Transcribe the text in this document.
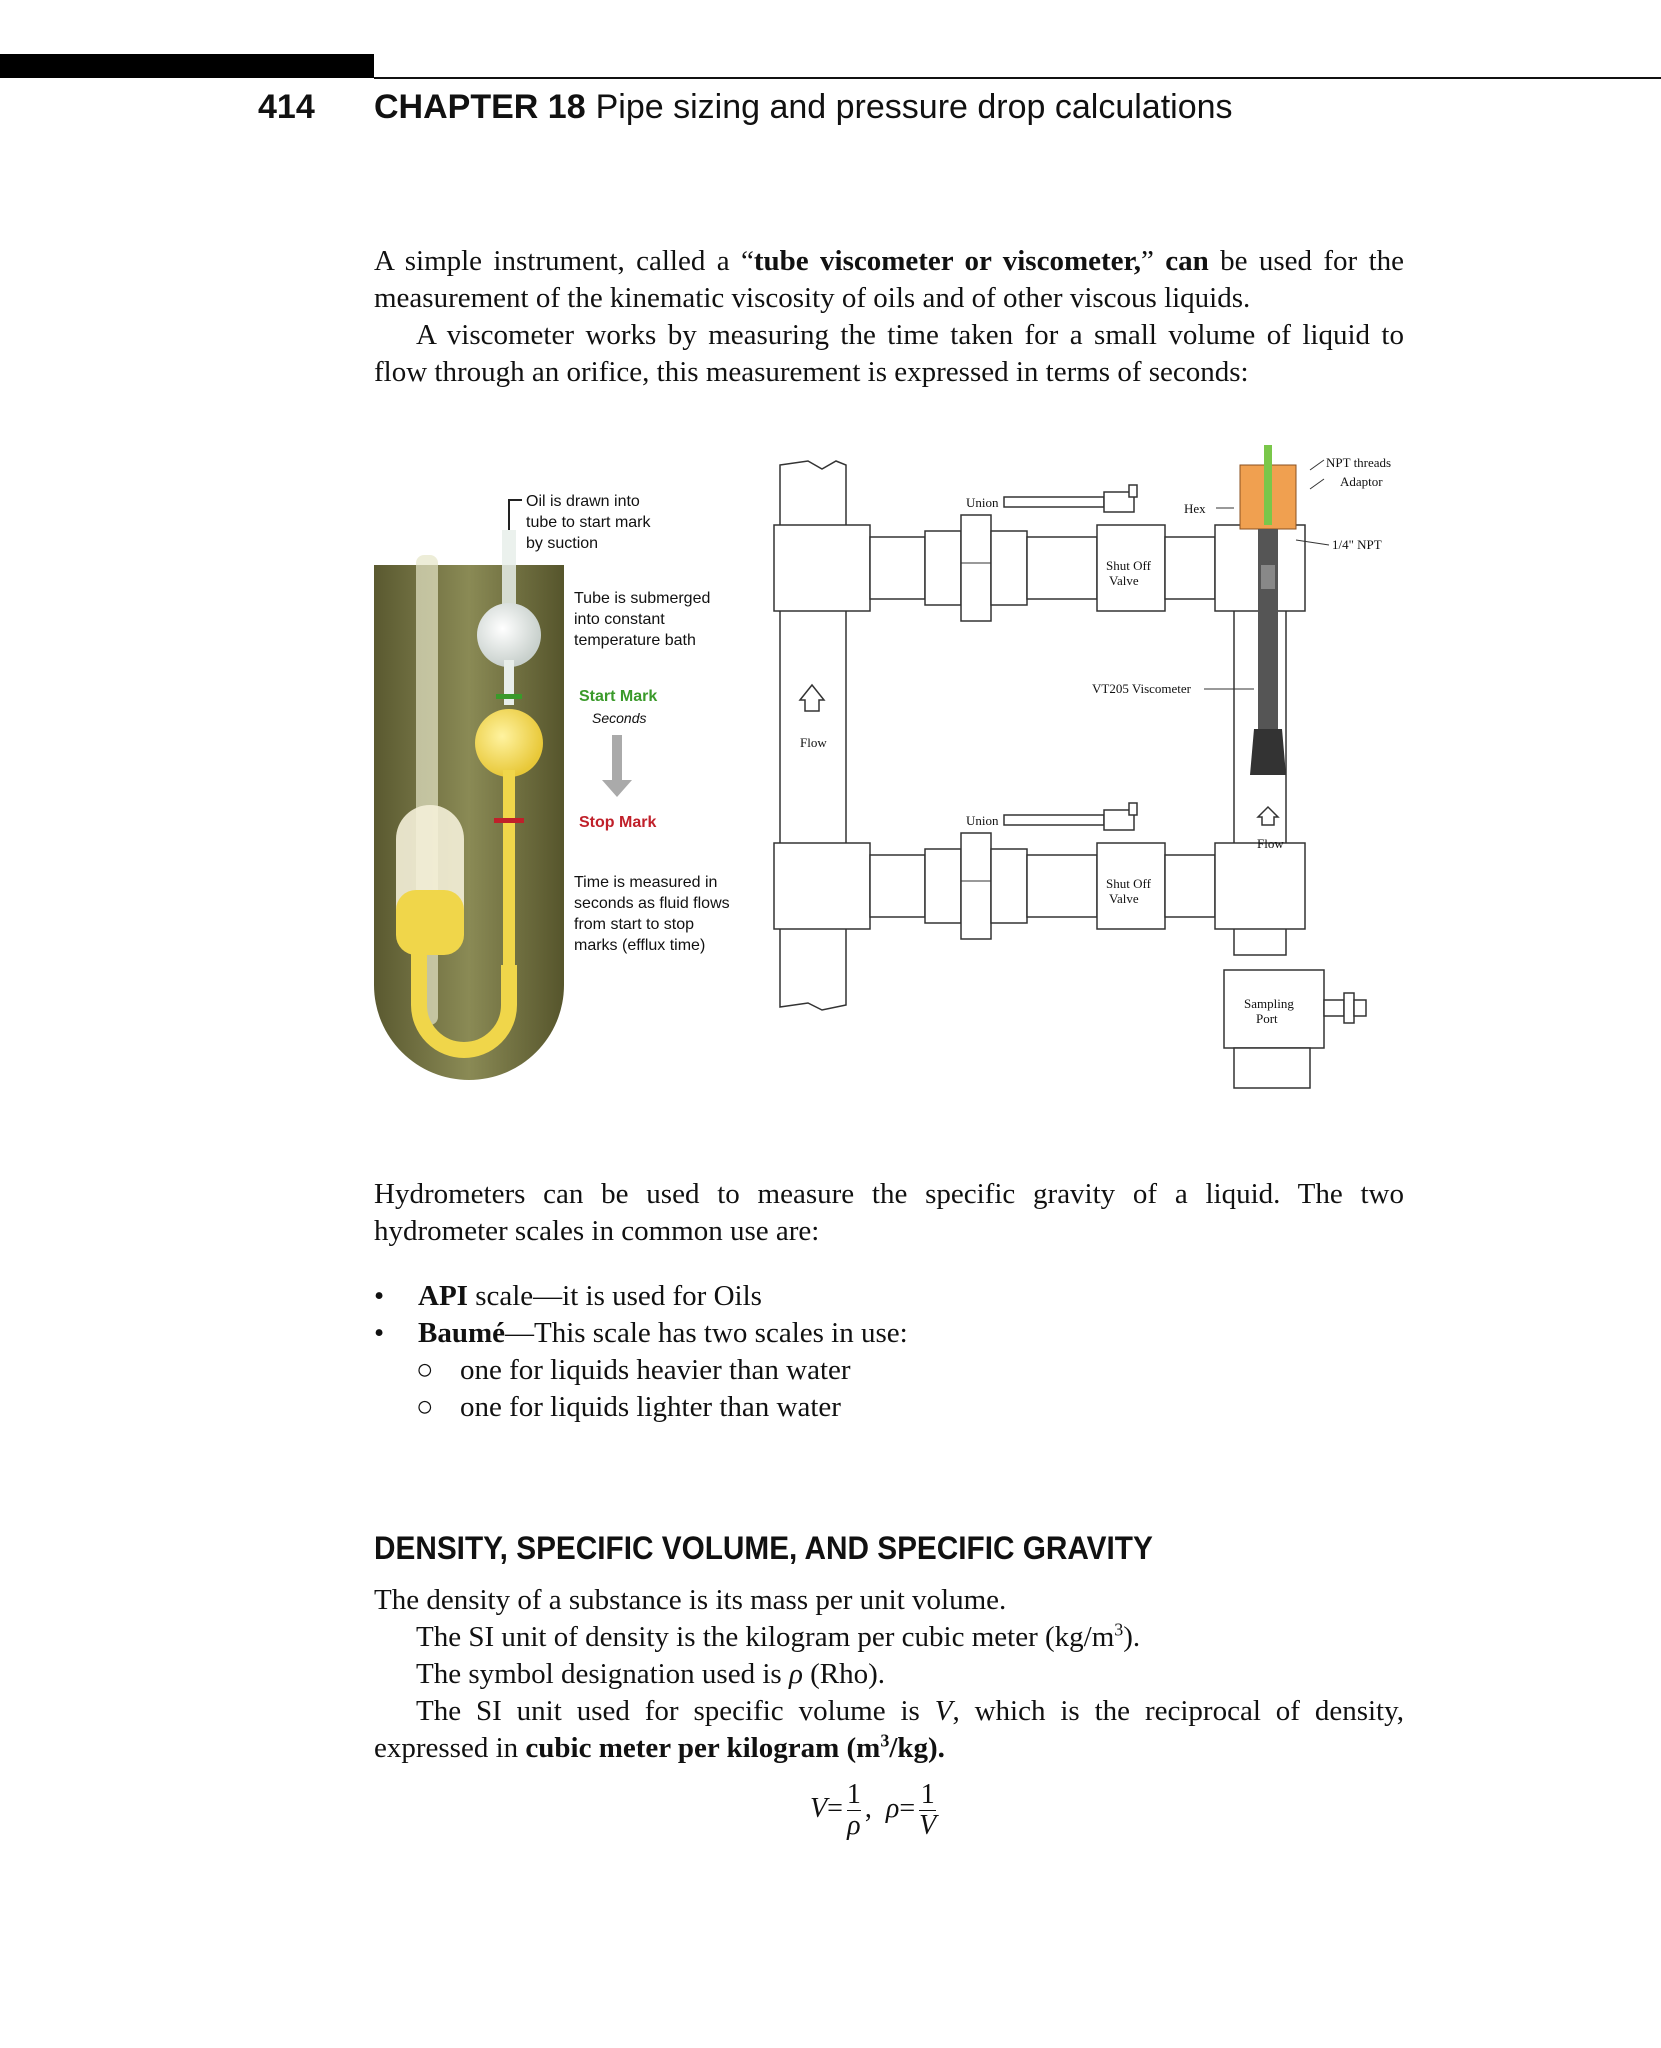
414 CHAPTER 18 Pipe sizing and pressure drop calculations

A simple instrument, called a “tube viscometer or viscometer,” can be used for the measurement of the kinematic viscosity of oils and of other viscous liquids.

A viscometer works by measuring the time taken for a small volume of liquid to flow through an orifice, this measurement is expressed in terms of seconds:

Oil is drawn into
tube to start mark
by suction
Tube is submerged
into constant
temperature bath
Start Mark
Seconds
Stop Mark
Time is measured in
seconds as fluid flows
from start to stop
marks (efflux time)
Union
Union
Shut Off
Valve
Shut Off
Valve
Hex
NPT threads
Adaptor
1/4" NPT
VT205 Viscometer
Flow
Flow
Sampling
Port

Hydrometers can be used to measure the specific gravity of a liquid. The two hydrometer scales in common use are:

• API scale—it is used for Oils
• Baumé—This scale has two scales in use:
○ one for liquids heavier than water
○ one for liquids lighter than water
DENSITY, SPECIFIC VOLUME, AND SPECIFIC GRAVITY

The density of a substance is its mass per unit volume.

The SI unit of density is the kilogram per cubic meter $(kg/m^3)$.

The symbol designation used is ρ (Rho).

The SI unit used for specific volume is V, which is the reciprocal of density, expressed in cubic meter per kilogram $(m^3/kg)$.

$V= \frac{1}{\rho}$ , $\rho= \frac{1}{V}$
